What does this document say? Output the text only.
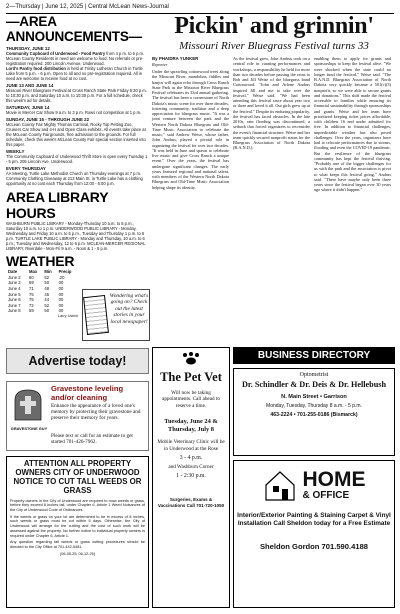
2—Thursday | June 12, 2025 | Central McLean News-Journal
—AREA ANNOUNCEMENTS—
THURSDAY, JUNE 12
Community Cupboard of Underwood - Food Pantry from 4 p.m. to 6 p.m. McLean County Residents in need are welcome to food. No referrals or pre-registration required. 200 Lincoln Avenue, Underwood.
Lord's Pantry food distribution is held at Trinity Lutheran Church in Turtle Lake from 5 p.m. - 6 p.m. Open to all and no pre-registration required. All in need are welcome to receive food at no cost.
JUNE 13 AND JUNE 14
Missouri River Bluegrass Festival at Cross Ranch State Park Friday 6:30 p.m. to 10:30 p.m. and Saturday 10 a.m. to 10:30 p.m. For a full schedule, check this week's ad for details.
SATURDAY, JUNE 14
Movie in Mercer Car Show 9 a.m. to 3 p.m. Rows not competition at 1 p.m.
SUNDAY, JUNE 15 - THROUGH JUNE 22
McLean County Fair Mighty Thomas Carnival, Rocky Top Petting Zoo, Cruisers Car Show and 4-H and Open Class exhibits. All events take place at the McLean County Fairgrounds, free admission to the grounds. For full schedule, check this week's McLean County Fair special section inserted into this paper.
WEEKLY
The Community Cupboard of Underwood Thrift Store is open every Tuesday 1 - 5 pm. 205 Lincoln Ave. Underwood.
EVERY THURSDAY
AA Meeting, Turtle Lake Methodist Church on Thursday evenings at 7 p.m. Community Clothing Giveaway at 213 Main St. in Turtle Lake has a clothing opportunity at no cost each Thursday from 12:00 - 6:00 p.m.
AREA LIBRARY HOURS
WASHBURN PUBLIC LIBRARY - Monday-Thursday 10 a.m. to 5 p.m., Saturday 10 a.m. to 1 p.m. UNDERWOOD PUBLIC LIBRARY - Monday, Wednesday and Friday 10 a.m. to 5 p.m., Tuesday and Thursday 1 p.m. to 6 p.m. TURTLE LAKE PUBLIC LIBRARY - Monday and Thursday, 10 a.m. to 6 p.m.; Tuesday and Wednesday, 12 to 6 p.m. MCLEAN-MERCER REGIONAL LIBRARY, Riverdale - Mon-Fri 9 a.m. - Noon & 1 - 5 p.m.
WEATHER
Date	Max	Min	Precip
June 2	60	52	.20
June 3	69	50	00
June 4	71	48	00
June 5	75	45	00
June 6	75	44	00
June 7	72	52	00
June 8	59	50	00
Larry Ustick
Wondering what's going on? Check out the latest stories in your local newspaper!
Advertise today!
GRAVESTONE GUY
Gravestone leveling and/or cleaning
Enhance the appearance of a loved one's memory by protecting their gravestone and preserve their memory for years.
Please text or call for an estimate to get started 701-426-7962.
ATTENTION ALL PROPERTY OWNERS CITY OF UNDERWOOD NOTICE TO CUT TALL WEEDS OR GRASS
Property owners in the City of Underwood are required to mow weeds or grass, before they exceed 8 inches tall, under Chapter 6, Article 1 Weed Nuisances of the City of Underwood Code of Ordinances.
If the weeds or grass on your lot are determined to be in excess of 8 inches, such weeds or grass must be cut within 5 days. Otherwise, the City of Underwood will arrange for the cutting and the cost of such work will be assessed against the property. No further notice to individual property owners is required under Chapter 6, Article 1.
Any question regarding tall weeds or grass cutting procedures should be directed to the City Office at 701-442-5481.
(06-05-25, 06-12-25)
Pickin' and grinnin'
Missouri River Bluegrass Festival turns 33
By PHAIDRA YUNKER
Reporter
Under the sprawling cottonwood trees along the Missouri River, mandolins, fiddles and banjos will again echo through Cross Ranch State Park as the Missouri River Bluegrass Festival celebrates its 33rd annual gathering. The festival has been a cornerstone of North Dakota's music scene for over three decades, fostering community, tradition and a deep appreciation for bluegrass music. "It was a joint venture between the park and the Western North Dakota Bluegrass and Old-Time Music Association to celebrate the music," said Andrew Weise, whose father, John Andrus, played a pivotal role in organizing the festival for over two decades. "It was held in June and spawn to celebrate live music and give Cross Ranch a unique event." Over the years, the festival has undergone significant changes. The early years featured regional and national talent, with members of the Western North Dakota Bluegrass and Old-Time Music Association helping shape its identity.
As the festival grew, John Andrus took on a central role in curating performances and workshops, a responsibility he held for more than two decades before passing the reins to Bob and Jill Weise of the bluegrass band Cottonwood. "John and Arlene Andrus inspired Jill and me to take over the festival," Weise said. "We had been attending this festival since about year two or three and loved it all. Our girls grew up at the festival." Despite its enduring popularity, the festival has faced obstacles. In the late 2010s, rain flooding was discontinued, a setback that forced organizers to reconsider the event's financial structure. Weise and her team quickly secured nonprofit status for the Bluegrass Association of North Dakota (B.A.N.D.),
enabling them to apply for grants and sponsorships to keep the festival alive. "We were shocked when the state could no longer fund the festival," Weise said. "The B.A.N.D. Bluegrass Association of North Dakota very quickly became a 501(c)(3) nonprofit, so we were able to secure grants and donations." This shift made the festival accessible to families while ensuring its financial sustainability through sponsorships and grants. Weise and her team have prioritized keeping ticket prices affordable, with children 16 and under admitted for free. In addition to financial challenges, unpredictable weather has also posed challenges. Over the years, organizers have had to relocate performances due to storms, flooding and even the COVID-19 pandemic. But the resilience of the bluegrass community has kept the festival thriving. "Probably one of the bigger challenges for us with the park and the association is pivot to what keeps this festival going," Andrus said. "There have maybe only been three years since the festival began over 30 years ago where it didn't happen."
The Pet Vet
Will now be taking appointments. Call ahead to reserve a time.
Tuesday, June 24 & Thursday, July 8
Mobile Veterinary Clinic will be in Underwood at the Rose
3 - 4 p.m.
and Washburn Corner
1 - 2:30 p.m.
Surgeries, Exams & Vaccinations Call 701-720-1050
BUSINESS DIRECTORY
Optometrist
Dr. Schindler & Dr. Deis & Dr. Hellebush
N. Main Street • Garrison
Monday, Tuesday, Thursday 8 a.m. - 5 p.m.
463-2224 • 701-255-0186 (Bismarck)
HOME
& OFFICE
Interior/Exterior Painting & Staining Carpet & Vinyl Installation Call Sheldon today for a Free Estimate
Sheldon Gordon 701.590.4188
